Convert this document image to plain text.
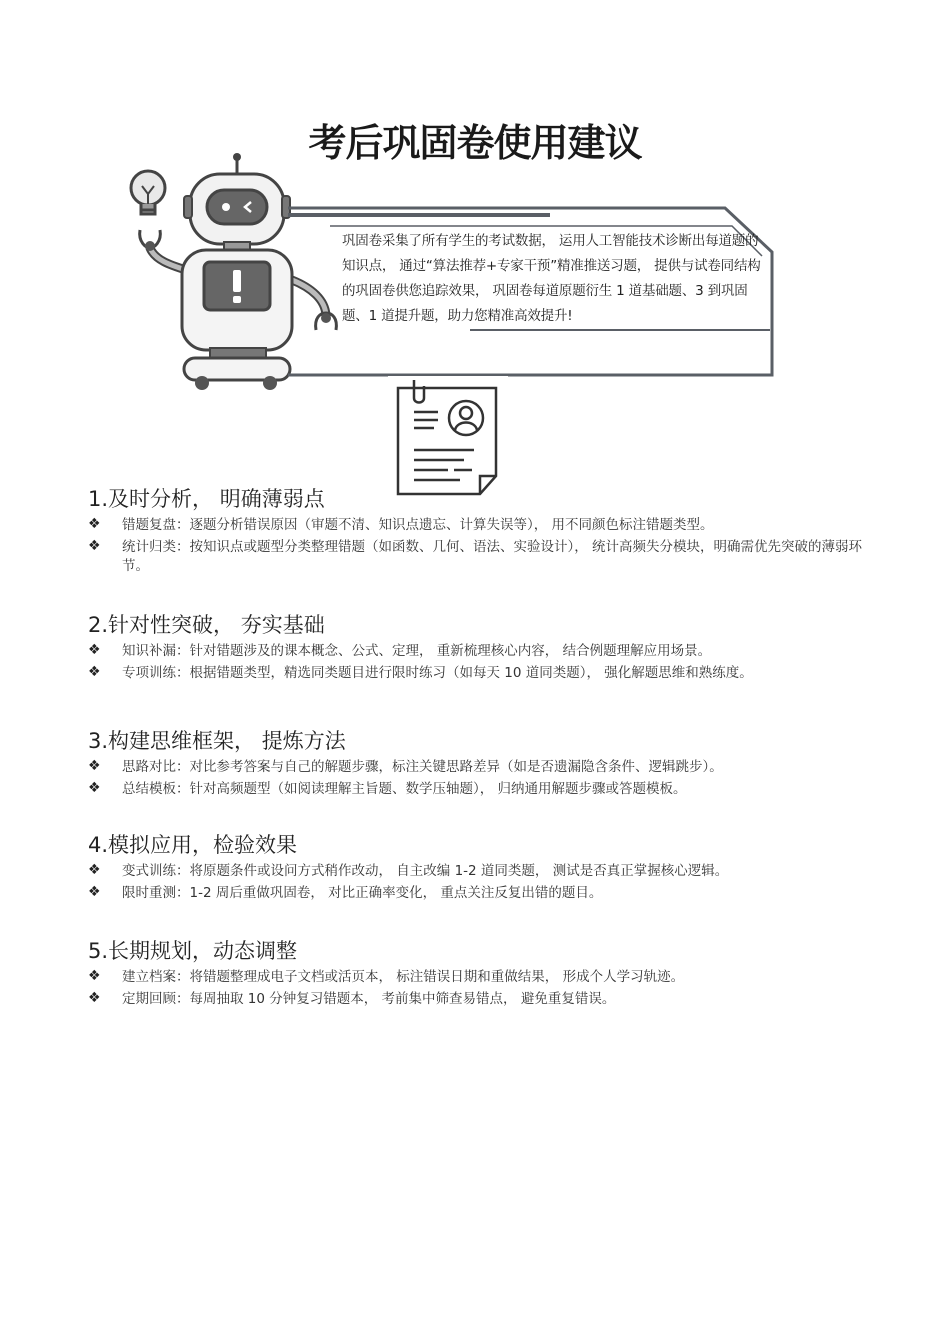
考后巩固卷使用建议

巩固卷采集了所有学生的考试数据， 运用人工智能技术诊断出每道题的知识点， 通过“算法推荐+专家干预”精准推送习题， 提供与试卷同结构的巩固卷供您追踪效果， 巩固卷每道原题衍生 1 道基础题、3 到巩固题、1 道提升题，助力您精准高效提升!

1.及时分析， 明确薄弱点
❖ 错题复盘：逐题分析错误原因（审题不清、知识点遗忘、计算失误等）， 用不同颜色标注错题类型。
❖ 统计归类：按知识点或题型分类整理错题（如函数、几何、语法、实验设计）， 统计高频失分模块，明确需优先突破的薄弱环节。
2.针对性突破， 夯实基础
❖ 知识补漏：针对错题涉及的课本概念、公式、定理， 重新梳理核心内容， 结合例题理解应用场景。
❖ 专项训练：根据错题类型，精选同类题目进行限时练习（如每天 10 道同类题）， 强化解题思维和熟练度。
3.构建思维框架， 提炼方法
❖ 思路对比：对比参考答案与自己的解题步骤，标注关键思路差异（如是否遗漏隐含条件、逻辑跳步）。
❖ 总结模板：针对高频题型（如阅读理解主旨题、数学压轴题）， 归纳通用解题步骤或答题模板。
4.模拟应用，检验效果
❖ 变式训练：将原题条件或设问方式稍作改动， 自主改编 1-2 道同类题， 测试是否真正掌握核心逻辑。
❖ 限时重测：1-2 周后重做巩固卷， 对比正确率变化， 重点关注反复出错的题目。
5.长期规划，动态调整
❖ 建立档案：将错题整理成电子文档或活页本， 标注错误日期和重做结果， 形成个人学习轨迹。
❖ 定期回顾：每周抽取 10 分钟复习错题本， 考前集中筛查易错点， 避免重复错误。
